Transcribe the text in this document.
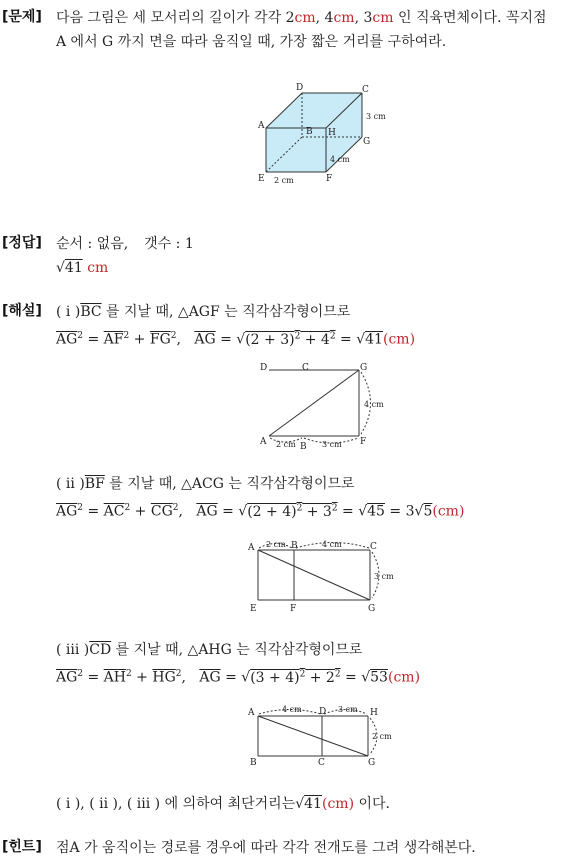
[문제] 다음 그림은 세 모서리의 길이가 각각 2cm, 4cm, 3cm 인 직육면체이다. 꼭지점
A 에서 G 까지 면을 따라 움직일 때, 가장 짧은 거리를 구하여라.
A
D	C
B H
G
E	F
3 cm
4 cm
2 cm
[정답] 순서 : 없음, 갯수 : 1
√41 cm
[해설] ( i )$\overline{BC}$ 를 지날 때, △AGF 는 직각삼각형이므로
$\overline{AG}^2 = \overline{AF}^2 + \overline{FG}^2$,   $\overline{AG} = √(2 + 3)^2 + 4^2 = √41(cm)$
D	C	G
A	B	F
4 cm
2 cm	3 cm
( ii )$\overline{BF}$ 를 지날 때, △ACG 는 직각삼각형이므로
$\overline{AG}^2 = \overline{AC}^2 + \overline{CG}^2$,   $\overline{AG} = √(2 + 4)^2 + 3^2 = √45 = 3√5(cm)$
A	B	C
E	F	G
2 cm	4 cm
3 cm
( iii )$\overline{CD}$ 를 지날 때, △AHG 는 직각삼각형이므로
$\overline{AG}^2 = \overline{AH}^2 + \overline{HG}^2$,   $\overline{AG} = √(3 + 4)^2 + 2^2 = √53(cm)$
A	D	H
B	C	G
4 cm	3 cm
2 cm
( i ), ( ii ), ( iii ) 에 의하여 최단거리는√41(cm) 이다.
[힌트] 점A 가 움직이는 경로를 경우에 따라 각각 전개도를 그려 생각해본다.
